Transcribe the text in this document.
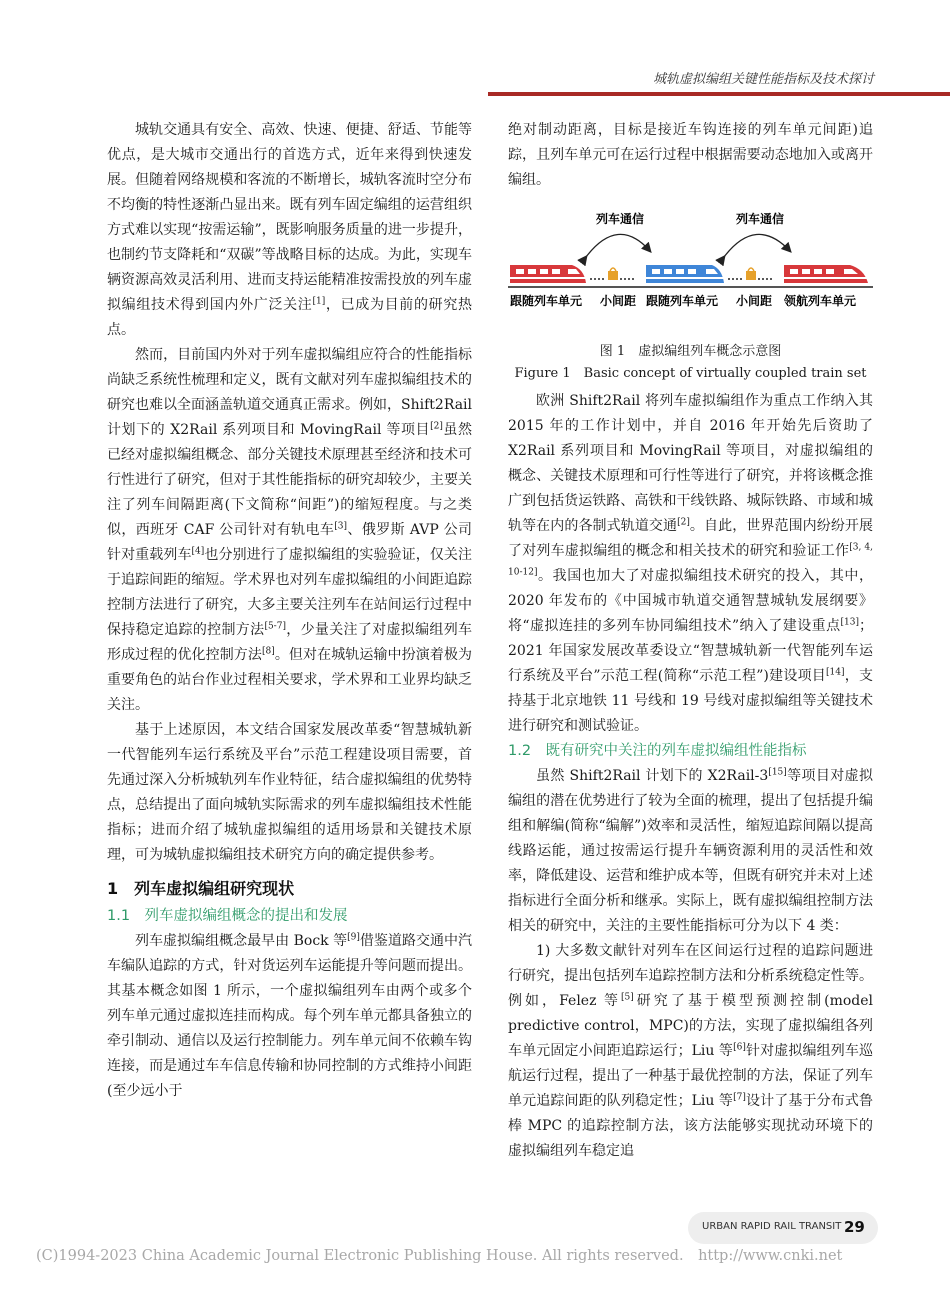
城轨虚拟编组关键性能指标及技术探讨

城轨交通具有安全、高效、快速、便捷、舒适、节能等优点，是大城市交通出行的首选方式，近年来得到快速发展。但随着网络规模和客流的不断增长，城轨客流时空分布不均衡的特性逐渐凸显出来。既有列车固定编组的运营组织方式难以实现“按需运输”，既影响服务质量的进一步提升，也制约节支降耗和“双碳”等战略目标的达成。为此，实现车辆资源高效灵活利用、进而支持运能精准按需投放的列车虚拟编组技术得到国内外广泛关注[1]，已成为目前的研究热点。

然而，目前国内外对于列车虚拟编组应符合的性能指标尚缺乏系统性梳理和定义，既有文献对列车虚拟编组技术的研究也难以全面涵盖轨道交通真正需求。例如，Shift2Rail 计划下的 X2Rail 系列项目和 MovingRail 等项目[2]虽然已经对虚拟编组概念、部分关键技术原理甚至经济和技术可行性进行了研究，但对于其性能指标的研究却较少，主要关注了列车间隔距离(下文简称“间距”)的缩短程度。与之类似，西班牙 CAF 公司针对有轨电车[3]、俄罗斯 AVP 公司针对重载列车[4]也分别进行了虚拟编组的实验验证，仅关注于追踪间距的缩短。学术界也对列车虚拟编组的小间距追踪控制方法进行了研究，大多主要关注列车在站间运行过程中保持稳定追踪的控制方法[5-7]，少量关注了对虚拟编组列车形成过程的优化控制方法[8]。但对在城轨运输中扮演着极为重要角色的站台作业过程相关要求，学术界和工业界均缺乏关注。

基于上述原因，本文结合国家发展改革委“智慧城轨新一代智能列车运行系统及平台”示范工程建设项目需要，首先通过深入分析城轨列车作业特征，结合虚拟编组的优势特点，总结提出了面向城轨实际需求的列车虚拟编组技术性能指标；进而介绍了城轨虚拟编组的适用场景和关键技术原理，可为城轨虚拟编组技术研究方向的确定提供参考。

1　列车虚拟编组研究现状
1.1　列车虚拟编组概念的提出和发展

列车虚拟编组概念最早由 Bock 等[9]借鉴道路交通中汽车编队追踪的方式，针对货运列车运能提升等问题而提出。其基本概念如图 1 所示，一个虚拟编组列车由两个或多个列车单元通过虚拟连挂而构成。每个列车单元都具备独立的牵引制动、通信以及运行控制能力。列车单元间不依赖车钩连接，而是通过车车信息传输和协同控制的方式维持小间距(至少远小于

绝对制动距离，目标是接近车钩连接的列车单元间距)追踪，且列车单元可在运行过程中根据需要动态地加入或离开编组。

列车通信	列车通信
跟随列车单元 小间距 跟随列车单元 小间距 领航列车单元
图 1　虚拟编组列车概念示意图
Figure 1　Basic concept of virtually coupled train set

欧洲 Shift2Rail 将列车虚拟编组作为重点工作纳入其 2015 年的工作计划中，并自 2016 年开始先后资助了 X2Rail 系列项目和 MovingRail 等项目，对虚拟编组的概念、关键技术原理和可行性等进行了研究，并将该概念推广到包括货运铁路、高铁和干线铁路、城际铁路、市域和城轨等在内的各制式轨道交通[2]。自此，世界范围内纷纷开展了对列车虚拟编组的概念和相关技术的研究和验证工作[3, 4, 10-12]。我国也加大了对虚拟编组技术研究的投入，其中，2020 年发布的《中国城市轨道交通智慧城轨发展纲要》将“虚拟连挂的多列车协同编组技术”纳入了建设重点[13]；2021 年国家发展改革委设立“智慧城轨新一代智能列车运行系统及平台”示范工程(简称“示范工程”)建设项目[14]，支持基于北京地铁 11 号线和 19 号线对虚拟编组等关键技术进行研究和测试验证。

1.2　既有研究中关注的列车虚拟编组性能指标

虽然 Shift2Rail 计划下的 X2Rail-3[15]等项目对虚拟编组的潜在优势进行了较为全面的梳理，提出了包括提升编组和解编(简称“编解”)效率和灵活性，缩短追踪间隔以提高线路运能，通过按需运行提升车辆资源利用的灵活性和效率，降低建设、运营和维护成本等，但既有研究并未对上述指标进行全面分析和继承。实际上，既有虚拟编组控制方法相关的研究中，关注的主要性能指标可分为以下 4 类：

1) 大多数文献针对列车在区间运行过程的追踪问题进行研究，提出包括列车追踪控制方法和分析系统稳定性等。例如，Felez 等[5]研究了基于模型预测控制(model predictive control，MPC)的方法，实现了虚拟编组各列车单元固定小间距追踪运行；Liu 等[6]针对虚拟编组列车巡航运行过程，提出了一种基于最优控制的方法，保证了列车单元追踪间距的队列稳定性；Liu 等[7]设计了基于分布式鲁棒 MPC 的追踪控制方法，该方法能够实现扰动环境下的虚拟编组列车稳定追

URBAN RAPID RAIL TRANSIT 29
(C)1994-2023 China Academic Journal Electronic Publishing House. All rights reserved.　http://www.cnki.net
